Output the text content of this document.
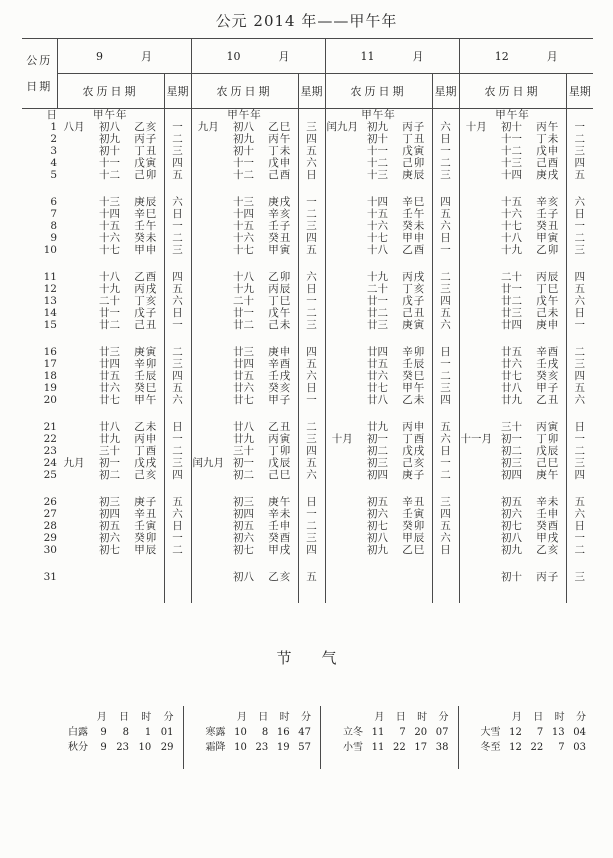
公元 2014 年——甲午年
公历
日期

9	月	10	月	11	月	12	月

	农历日期			星期	农历日期			星期	农历日期			星期	农历日期			星期
日	甲午年				甲午年				甲午年				甲午年			
1	八月	初八	乙亥	一	九月	初八	乙巳	三	闰九月	初九	丙子	六	十月	初十	丙午	一
2		初九	丙子	二		初九	丙午	四		初十	丁丑	日		十一	丁未	二
3		初十	丁丑	三		初十	丁未	五		十一	戊寅	一		十二	戊申	三
4		十一	戊寅	四		十一	戊申	六		十二	己卯	二		十三	己酉	四
5		十二	己卯	五		十二	己酉	日		十三	庚辰	三		十四	庚戌	五
6		十三	庚辰	六		十三	庚戌	一		十四	辛巳	四		十五	辛亥	六
7		十四	辛巳	日		十四	辛亥	二		十五	壬午	五		十六	壬子	日
8		十五	壬午	一		十五	壬子	三		十六	癸未	六		十七	癸丑	一
9		十六	癸未	二		十六	癸丑	四		十七	甲申	日		十八	甲寅	二
10		十七	甲申	三		十七	甲寅	五		十八	乙酉	一		十九	乙卯	三
11		十八	乙酉	四		十八	乙卯	六		十九	丙戌	二		二十	丙辰	四
12		十九	丙戌	五		十九	丙辰	日		二十	丁亥	三		廿一	丁巳	五
13		二十	丁亥	六		二十	丁巳	一		廿一	戊子	四		廿二	戊午	六
14		廿一	戊子	日		廿一	戊午	二		廿二	己丑	五		廿三	己未	日
15		廿二	己丑	一		廿二	己未	三		廿三	庚寅	六		廿四	庚申	一
16		廿三	庚寅	二		廿三	庚申	四		廿四	辛卯	日		廿五	辛酉	二
17		廿四	辛卯	三		廿四	辛酉	五		廿五	壬辰	一		廿六	壬戌	三
18		廿五	壬辰	四		廿五	壬戌	六		廿六	癸巳	二		廿七	癸亥	四
19		廿六	癸巳	五		廿六	癸亥	日		廿七	甲午	三		廿八	甲子	五
20		廿七	甲午	六		廿七	甲子	一		廿八	乙未	四		廿九	乙丑	六
21		廿八	乙未	日		廿八	乙丑	二		廿九	丙申	五		三十	丙寅	日
22		廿九	丙申	一		廿九	丙寅	三	十月	初一	丁酉	六	十一月	初一	丁卯	一
23		三十	丁酉	二		三十	丁卯	四		初二	戊戌	日		初二	戊辰	二
24	九月	初一	戊戌	三	闰九月	初一	戊辰	五		初三	己亥	一		初三	己巳	三
25		初二	己亥	四		初二	己巳	六		初四	庚子	二		初四	庚午	四
26		初三	庚子	五		初三	庚午	日		初五	辛丑	三		初五	辛未	五
27		初四	辛丑	六		初四	辛未	一		初六	壬寅	四		初六	壬申	六
28		初五	壬寅	日		初五	壬申	二		初七	癸卯	五		初七	癸酉	日
29		初六	癸卯	一		初六	癸酉	三		初八	甲辰	六		初八	甲戌	一
30		初七	甲辰	二		初七	甲戌	四		初九	乙巳	日		初九	乙亥	二
31						初八	乙亥	五						初十	丙子	三
节　　气
	月	日	时	分
白露	9	8	1	01
秋分	9	23	10	29
	月	日	时	分
寒露	10	8	16	47
霜降	10	23	19	57
	月	日	时	分
立冬	11	7	20	07
小雪	11	22	17	38
	月	日	时	分
大雪	12	7	13	04
冬至	12	22	7	03
